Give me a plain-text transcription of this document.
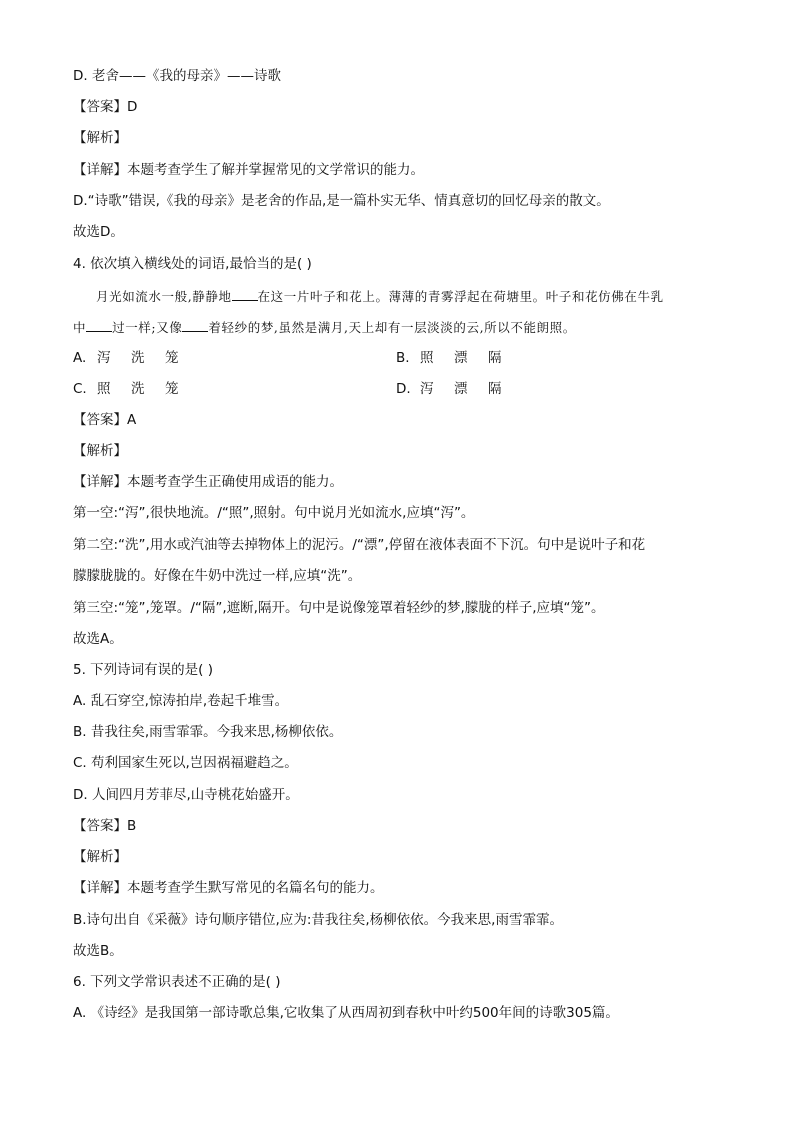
D. 老舍——《我的母亲》——诗歌
【答案】D
【解析】
【详解】本题考查学生了解并掌握常见的文学常识的能力。
D.“诗歌”错误,《我的母亲》是老舍的作品,是一篇朴实无华、情真意切的回忆母亲的散文。
故选D。
4. 依次填入横线处的词语,最恰当的是( )
月光如流水一般,静静地 在这一片叶子和花上。薄薄的青雾浮起在荷塘里。叶子和花仿佛在牛乳
中 过一样;又像 着轻纱的梦,虽然是满月,天上却有一层淡淡的云,所以不能朗照。
A. 泻 洗 笼	B. 照 漂 隔
C. 照 洗 笼	D. 泻 漂 隔
【答案】A
【解析】
【详解】本题考查学生正确使用成语的能力。
第一空:“泻”,很快地流。/“照”,照射。句中说月光如流水,应填“泻”。
第二空:“洗”,用水或汽油等去掉物体上的泥污。/“漂”,停留在液体表面不下沉。句中是说叶子和花
朦朦胧胧的。好像在牛奶中洗过一样,应填“洗”。
第三空:“笼”,笼罩。/“隔”,遮断,隔开。句中是说像笼罩着轻纱的梦,朦胧的样子,应填“笼”。
故选A。
5. 下列诗词有误的是( )
A. 乱石穿空,惊涛拍岸,卷起千堆雪。
B. 昔我往矣,雨雪霏霏。今我来思,杨柳依依。
C. 苟利国家生死以,岂因祸福避趋之。
D. 人间四月芳菲尽,山寺桃花始盛开。
【答案】B
【解析】
【详解】本题考查学生默写常见的名篇名句的能力。
B.诗句出自《采薇》诗句顺序错位,应为:昔我往矣,杨柳依依。今我来思,雨雪霏霏。
故选B。
6. 下列文学常识表述不正确的是( )
A. 《诗经》是我国第一部诗歌总集,它收集了从西周初到春秋中叶约500年间的诗歌305篇。
